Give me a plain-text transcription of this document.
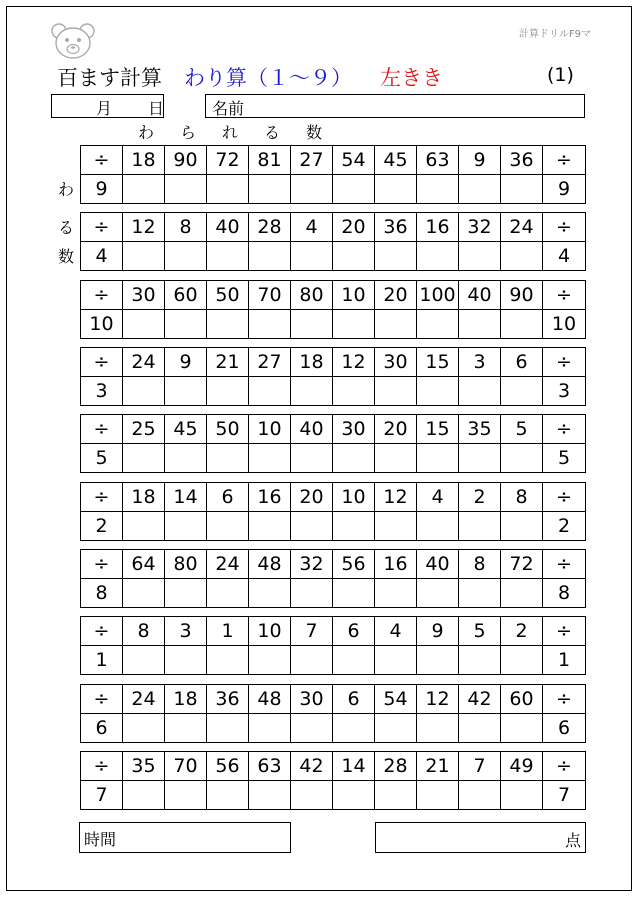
計算ドリルF9マ
百ます計算 わり算（１～９） 左きき	(1)
月 日	名前
わ ら れ る 数
わ
る
数
÷	18	90	72	81	27	54	45	63	9	36	÷
9											9
÷	12	8	40	28	4	20	36	16	32	24	÷
4											4
÷	30	60	50	70	80	10	20	100	40	90	÷
10											10
÷	24	9	21	27	18	12	30	15	3	6	÷
3											3
÷	25	45	50	10	40	30	20	15	35	5	÷
5											5
÷	18	14	6	16	20	10	12	4	2	8	÷
2											2
÷	64	80	24	48	32	56	16	40	8	72	÷
8											8
÷	8	3	1	10	7	6	4	9	5	2	÷
1											1
÷	24	18	36	48	30	6	54	12	42	60	÷
6											6
÷	35	70	56	63	42	14	28	21	7	49	÷
7											7
時間	点
